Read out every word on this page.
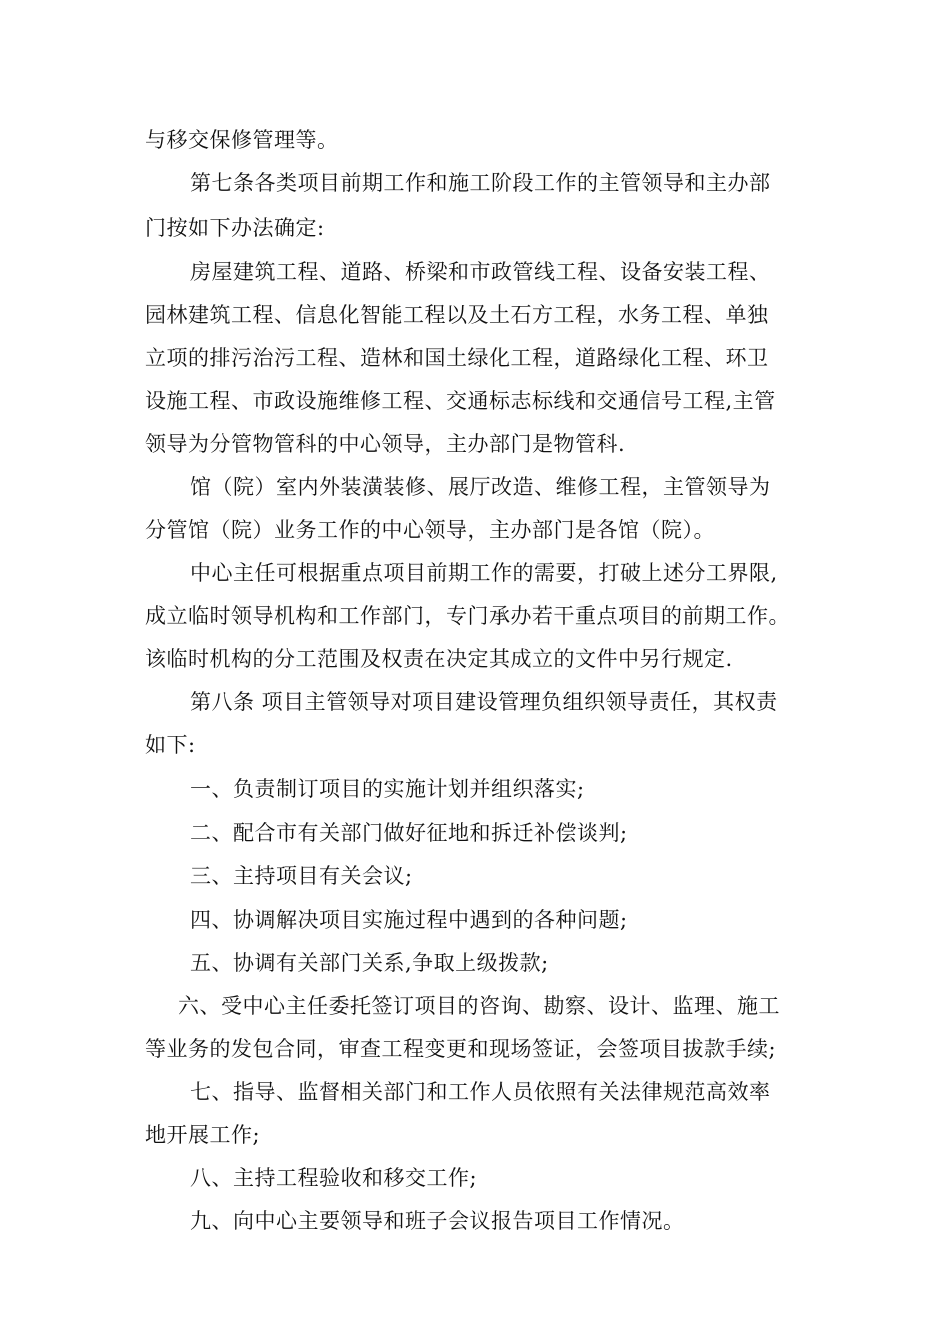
与移交保修管理等。
第七条各类项目前期工作和施工阶段工作的主管领导和主办部
门按如下办法确定:
房屋建筑工程、道路、桥梁和市政管线工程、设备安装工程、
园林建筑工程、信息化智能工程以及土石方工程，水务工程、单独
立项的排污治污工程、造林和国土绿化工程，道路绿化工程、环卫
设施工程、市政设施维修工程、交通标志标线和交通信号工程,主管
领导为分管物管科的中心领导，主办部门是物管科.
馆（院）室内外装潢装修、展厅改造、维修工程，主管领导为
分管馆（院）业务工作的中心领导，主办部门是各馆（院）。
中心主任可根据重点项目前期工作的需要，打破上述分工界限,
成立临时领导机构和工作部门，专门承办若干重点项目的前期工作。
该临时机构的分工范围及权责在决定其成立的文件中另行规定.
第八条 项目主管领导对项目建设管理负组织领导责任，其权责
如下:
一、负责制订项目的实施计划并组织落实;
二、配合市有关部门做好征地和拆迁补偿谈判;
三、主持项目有关会议;
四、协调解决项目实施过程中遇到的各种问题;
五、协调有关部门关系,争取上级拨款;
六、受中心主任委托签订项目的咨询、勘察、设计、监理、施工
等业务的发包合同，审查工程变更和现场签证，会签项目拔款手续;
七、指导、监督相关部门和工作人员依照有关法律规范高效率
地开展工作;
八、主持工程验收和移交工作;
九、向中心主要领导和班子会议报告项目工作情况。
